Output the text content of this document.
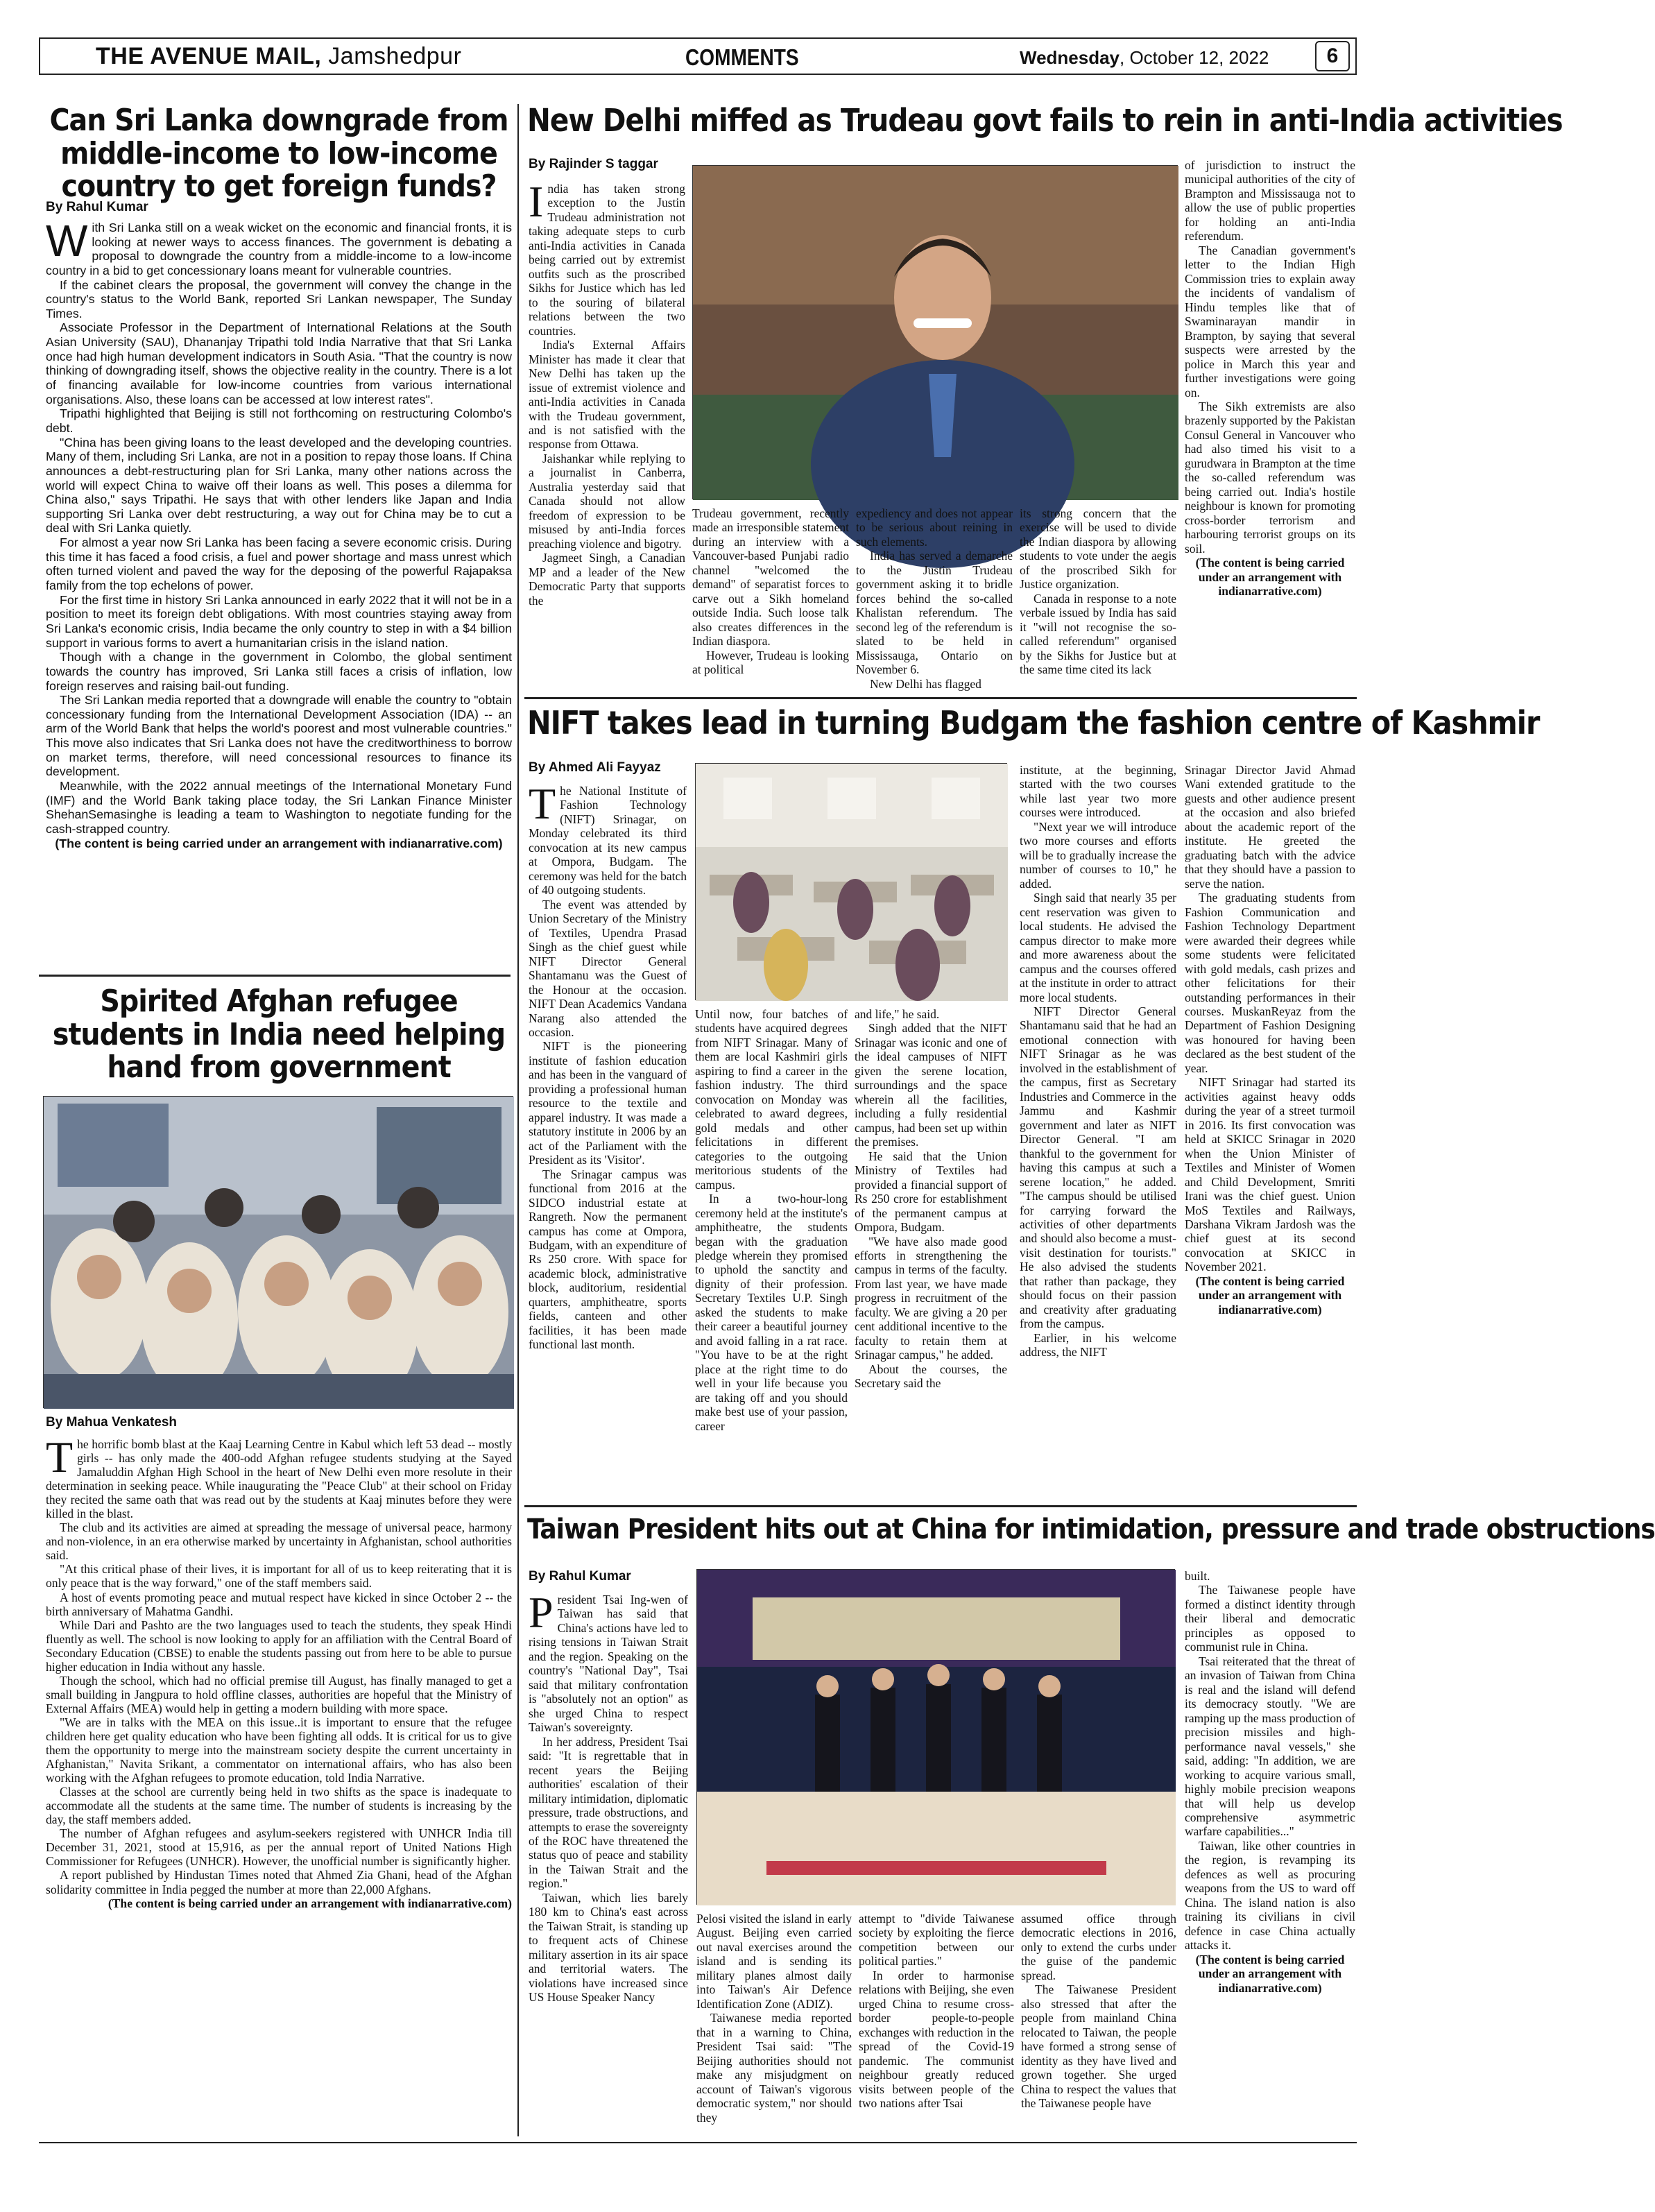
THE AVENUE MAIL, Jamshedpur	COMMENTS	Wednesday, October 12, 2022	6
Can Sri Lanka downgrade from middle-income to low-income country to get foreign funds?
By Rahul Kumar

With Sri Lanka still on a weak wicket on the economic and financial fronts, it is looking at newer ways to access finances. The government is debating a proposal to downgrade the country from a middle-income to a low-income country in a bid to get concessionary loans meant for vulnerable countries.

If the cabinet clears the proposal, the government will convey the change in the country's status to the World Bank, reported Sri Lankan newspaper, The Sunday Times.

Associate Professor in the Department of International Relations at the South Asian University (SAU), Dhananjay Tripathi told India Narrative that that Sri Lanka once had high human development indicators in South Asia. "That the country is now thinking of downgrading itself, shows the objective reality in the country. There is a lot of financing available for low-income countries from various international organisations. Also, these loans can be accessed at low interest rates".

Tripathi highlighted that Beijing is still not forthcoming on restructuring Colombo's debt.

"China has been giving loans to the least developed and the developing countries. Many of them, including Sri Lanka, are not in a position to repay those loans. If China announces a debt-restructuring plan for Sri Lanka, many other nations across the world will expect China to waive off their loans as well. This poses a dilemma for China also," says Tripathi. He says that with other lenders like Japan and India supporting Sri Lanka over debt restructuring, a way out for China may be to cut a deal with Sri Lanka quietly.

For almost a year now Sri Lanka has been facing a severe economic crisis. During this time it has faced a food crisis, a fuel and power shortage and mass unrest which often turned violent and paved the way for the deposing of the powerful Rajapaksa family from the top echelons of power.

For the first time in history Sri Lanka announced in early 2022 that it will not be in a position to meet its foreign debt obligations. With most countries staying away from Sri Lanka's economic crisis, India became the only country to step in with a $4 billion support in various forms to avert a humanitarian crisis in the island nation.

Though with a change in the government in Colombo, the global sentiment towards the country has improved, Sri Lanka still faces a crisis of inflation, low foreign reserves and raising bail-out funding.

The Sri Lankan media reported that a downgrade will enable the country to "obtain concessionary funding from the International Development Association (IDA) -- an arm of the World Bank that helps the world's poorest and most vulnerable countries." This move also indicates that Sri Lanka does not have the creditworthiness to borrow on market terms, therefore, will need concessional resources to finance its development.

Meanwhile, with the 2022 annual meetings of the International Monetary Fund (IMF) and the World Bank taking place today, the Sri Lankan Finance Minister ShehanSemasinghe is leading a team to Washington to negotiate funding for the cash-strapped country.

(The content is being carried under an arrangement with indianarrative.com)

Spirited Afghan refugee students in India need helping hand from government
By Mahua Venkatesh

The horrific bomb blast at the Kaaj Learning Centre in Kabul which left 53 dead -- mostly girls -- has only made the 400-odd Afghan refugee students studying at the Sayed Jamaluddin Afghan High School in the heart of New Delhi even more resolute in their determination in seeking peace. While inaugurating the "Peace Club" at their school on Friday they recited the same oath that was read out by the students at Kaaj minutes before they were killed in the blast.

The club and its activities are aimed at spreading the message of universal peace, harmony and non-violence, in an era otherwise marked by uncertainty in Afghanistan, school authorities said.

"At this critical phase of their lives, it is important for all of us to keep reiterating that it is only peace that is the way forward," one of the staff members said.

A host of events promoting peace and mutual respect have kicked in since October 2 -- the birth anniversary of Mahatma Gandhi.

While Dari and Pashto are the two languages used to teach the students, they speak Hindi fluently as well. The school is now looking to apply for an affiliation with the Central Board of Secondary Education (CBSE) to enable the students passing out from here to be able to pursue higher education in India without any hassle.

Though the school, which had no official premise till August, has finally managed to get a small building in Jangpura to hold offline classes, authorities are hopeful that the Ministry of External Affairs (MEA) would help in getting a modern building with more space.

"We are in talks with the MEA on this issue..it is important to ensure that the refugee children here get quality education who have been fighting all odds. It is critical for us to give them the opportunity to merge into the mainstream society despite the current uncertainty in Afghanistan," Navita Srikant, a commentator on international affairs, who has also been working with the Afghan refugees to promote education, told India Narrative.

Classes at the school are currently being held in two shifts as the space is inadequate to accommodate all the students at the same time. The number of students is increasing by the day, the staff members added.

The number of Afghan refugees and asylum-seekers registered with UNHCR India till December 31, 2021, stood at 15,916, as per the annual report of United Nations High Commissioner for Refugees (UNHCR). However, the unofficial number is significantly higher.

A report published by Hindustan Times noted that Ahmed Zia Ghani, head of the Afghan solidarity committee in India pegged the number at more than 22,000 Afghans.

(The content is being carried under an arrangement with indianarrative.com)

New Delhi miffed as Trudeau govt fails to rein in anti-India activities
By Rajinder S taggar

India has taken strong exception to the Justin Trudeau administration not taking adequate steps to curb anti-India activities in Canada being carried out by extremist outfits such as the proscribed Sikhs for Justice which has led to the souring of bilateral relations between the two countries.

India's External Affairs Minister has made it clear that New Delhi has taken up the issue of extremist violence and anti-India activities in Canada with the Trudeau government, and is not satisfied with the response from Ottawa.

Jaishankar while replying to a journalist in Canberra, Australia yesterday said that Canada should not allow freedom of expression to be misused by anti-India forces preaching violence and bigotry.

Jagmeet Singh, a Canadian MP and a leader of the New Democratic Party that supports the

Trudeau government, recently made an irresponsible statement during an interview with a Vancouver-based Punjabi radio channel "welcomed the demand" of separatist forces to carve out a Sikh homeland outside India. Such loose talk also creates differences in the Indian diaspora.

However, Trudeau is looking at political

expediency and does not appear to be serious about reining in such elements.

India has served a demarche to the Justin Trudeau government asking it to bridle forces behind the so-called Khalistan referendum. The second leg of the referendum is slated to be held in Mississauga, Ontario on November 6.

New Delhi has flagged

its strong concern that the exercise will be used to divide the Indian diaspora by allowing students to vote under the aegis of the proscribed Sikh for Justice organization.

Canada in response to a note verbale issued by India has said it "will not recognise the so-called referendum" organised by the Sikhs for Justice but at the same time cited its lack

of jurisdiction to instruct the municipal authorities of the city of Brampton and Mississauga not to allow the use of public properties for holding an anti-India referendum.

The Canadian government's letter to the Indian High Commission tries to explain away the incidents of vandalism of Hindu temples like that of Swaminarayan mandir in Brampton, by saying that several suspects were arrested by the police in March this year and further investigations were going on.

The Sikh extremists are also brazenly supported by the Pakistan Consul General in Vancouver who had also timed his visit to a gurudwara in Brampton at the time the so-called referendum was being carried out. India's hostile neighbour is known for promoting cross-border terrorism and harbouring terrorist groups on its soil.

(The content is being carried under an arrangement with indianarrative.com)

NIFT takes lead in turning Budgam the fashion centre of Kashmir
By Ahmed Ali Fayyaz

The National Institute of Fashion Technology (NIFT) Srinagar, on Monday celebrated its third convocation at its new campus at Ompora, Budgam. The ceremony was held for the batch of 40 outgoing students.

The event was attended by Union Secretary of the Ministry of Textiles, Upendra Prasad Singh as the chief guest while NIFT Director General Shantamanu was the Guest of the Honour at the occasion. NIFT Dean Academics Vandana Narang also attended the occasion.

NIFT is the pioneering institute of fashion education and has been in the vanguard of providing a professional human resource to the textile and apparel industry. It was made a statutory institute in 2006 by an act of the Parliament with the President as its 'Visitor'.

The Srinagar campus was functional from 2016 at the SIDCO industrial estate at Rangreth. Now the permanent campus has come at Ompora, Budgam, with an expenditure of Rs 250 crore. With space for academic block, administrative block, auditorium, residential quarters, amphitheatre, sports fields, canteen and other facilities, it has been made functional last month.

Until now, four batches of students have acquired degrees from NIFT Srinagar. Many of them are local Kashmiri girls aspiring to find a career in the fashion industry. The third convocation on Monday was celebrated to award degrees, gold medals and other felicitations in different categories to the outgoing meritorious students of the campus.

In a two-hour-long ceremony held at the institute's amphitheatre, the students began with the graduation pledge wherein they promised to uphold the sanctity and dignity of their profession. Secretary Textiles U.P. Singh asked the students to make their career a beautiful journey and avoid falling in a rat race. "You have to be at the right place at the right time to do well in your life because you are taking off and you should make best use of your passion, career

and life," he said.

Singh added that the NIFT Srinagar was iconic and one of the ideal campuses of NIFT given the serene location, surroundings and the space wherein all the facilities, including a fully residential campus, had been set up within the premises.

He said that the Union Ministry of Textiles had provided a financial support of Rs 250 crore for establishment of the permanent campus at Ompora, Budgam.

"We have also made good efforts in strengthening the campus in terms of the faculty. From last year, we have made progress in recruitment of the faculty. We are giving a 20 per cent additional incentive to the faculty to retain them at Srinagar campus," he added.

About the courses, the Secretary said the

institute, at the beginning, started with the two courses while last year two more courses were introduced.

"Next year we will introduce two more courses and efforts will be to gradually increase the number of courses to 10," he added.

Singh said that nearly 35 per cent reservation was given to local students. He advised the campus director to make more and more awareness about the campus and the courses offered at the institute in order to attract more local students.

NIFT Director General Shantamanu said that he had an emotional connection with NIFT Srinagar as he was involved in the establishment of the campus, first as Secretary Industries and Commerce in the Jammu and Kashmir government and later as NIFT Director General. "I am thankful to the government for having this campus at such a serene location," he added. "The campus should be utilised for carrying forward the activities of other departments and should also become a must-visit destination for tourists." He also advised the students that rather than package, they should focus on their passion and creativity after graduating from the campus.

Earlier, in his welcome address, the NIFT

Srinagar Director Javid Ahmad Wani extended gratitude to the guests and other audience present at the occasion and also briefed about the academic report of the institute. He greeted the graduating batch with the advice that they should have a passion to serve the nation.

The graduating students from Fashion Communication and Fashion Technology Department were awarded their degrees while some students were felicitated with gold medals, cash prizes and other felicitations for their outstanding performances in their courses. MuskanReyaz from the Department of Fashion Designing was honoured for having been declared as the best student of the year.

NIFT Srinagar had started its activities against heavy odds during the year of a street turmoil in 2016. Its first convocation was held at SKICC Srinagar in 2020 when the Union Minister of Textiles and Minister of Women and Child Development, Smriti Irani was the chief guest. Union MoS Textiles and Railways, Darshana Vikram Jardosh was the chief guest at its second convocation at SKICC in November 2021.

(The content is being carried under an arrangement with indianarrative.com)

Taiwan President hits out at China for intimidation, pressure and trade obstructions
By Rahul Kumar

President Tsai Ing-wen of Taiwan has said that China's actions have led to rising tensions in Taiwan Strait and the region. Speaking on the country's "National Day", Tsai said that military confrontation is "absolutely not an option" as she urged China to respect Taiwan's sovereignty.

In her address, President Tsai said: "It is regrettable that in recent years the Beijing authorities' escalation of their military intimidation, diplomatic pressure, trade obstructions, and attempts to erase the sovereignty of the ROC have threatened the status quo of peace and stability in the Taiwan Strait and the region."

Taiwan, which lies barely 180 km to China's east across the Taiwan Strait, is standing up to frequent acts of Chinese military assertion in its air space and territorial waters. The violations have increased since US House Speaker Nancy

Pelosi visited the island in early August. Beijing even carried out naval exercises around the island and is sending its military planes almost daily into Taiwan's Air Defence Identification Zone (ADIZ).

Taiwanese media reported that in a warning to China, President Tsai said: "The Beijing authorities should not make any misjudgment on account of Taiwan's vigorous democratic system," nor should they

attempt to "divide Taiwanese society by exploiting the fierce competition between our political parties."

In order to harmonise relations with Beijing, she even urged China to resume cross-border people-to-people exchanges with reduction in the spread of the Covid-19 pandemic. The communist neighbour greatly reduced visits between people of the two nations after Tsai

assumed office through democratic elections in 2016, only to extend the curbs under the guise of the pandemic spread.

The Taiwanese President also stressed that after the people from mainland China relocated to Taiwan, the people have formed a strong sense of identity as they have lived and grown together. She urged China to respect the values that the Taiwanese people have

built.

The Taiwanese people have formed a distinct identity through their liberal and democratic principles as opposed to communist rule in China.

Tsai reiterated that the threat of an invasion of Taiwan from China is real and the island will defend its democracy stoutly. "We are ramping up the mass production of precision missiles and high-performance naval vessels," she said, adding: "In addition, we are working to acquire various small, highly mobile precision weapons that will help us develop comprehensive asymmetric warfare capabilities..."

Taiwan, like other countries in the region, is revamping its defences as well as procuring weapons from the US to ward off China. The island nation is also training its civilians in civil defence in case China actually attacks it.

(The content is being carried under an arrangement with indianarrative.com)
